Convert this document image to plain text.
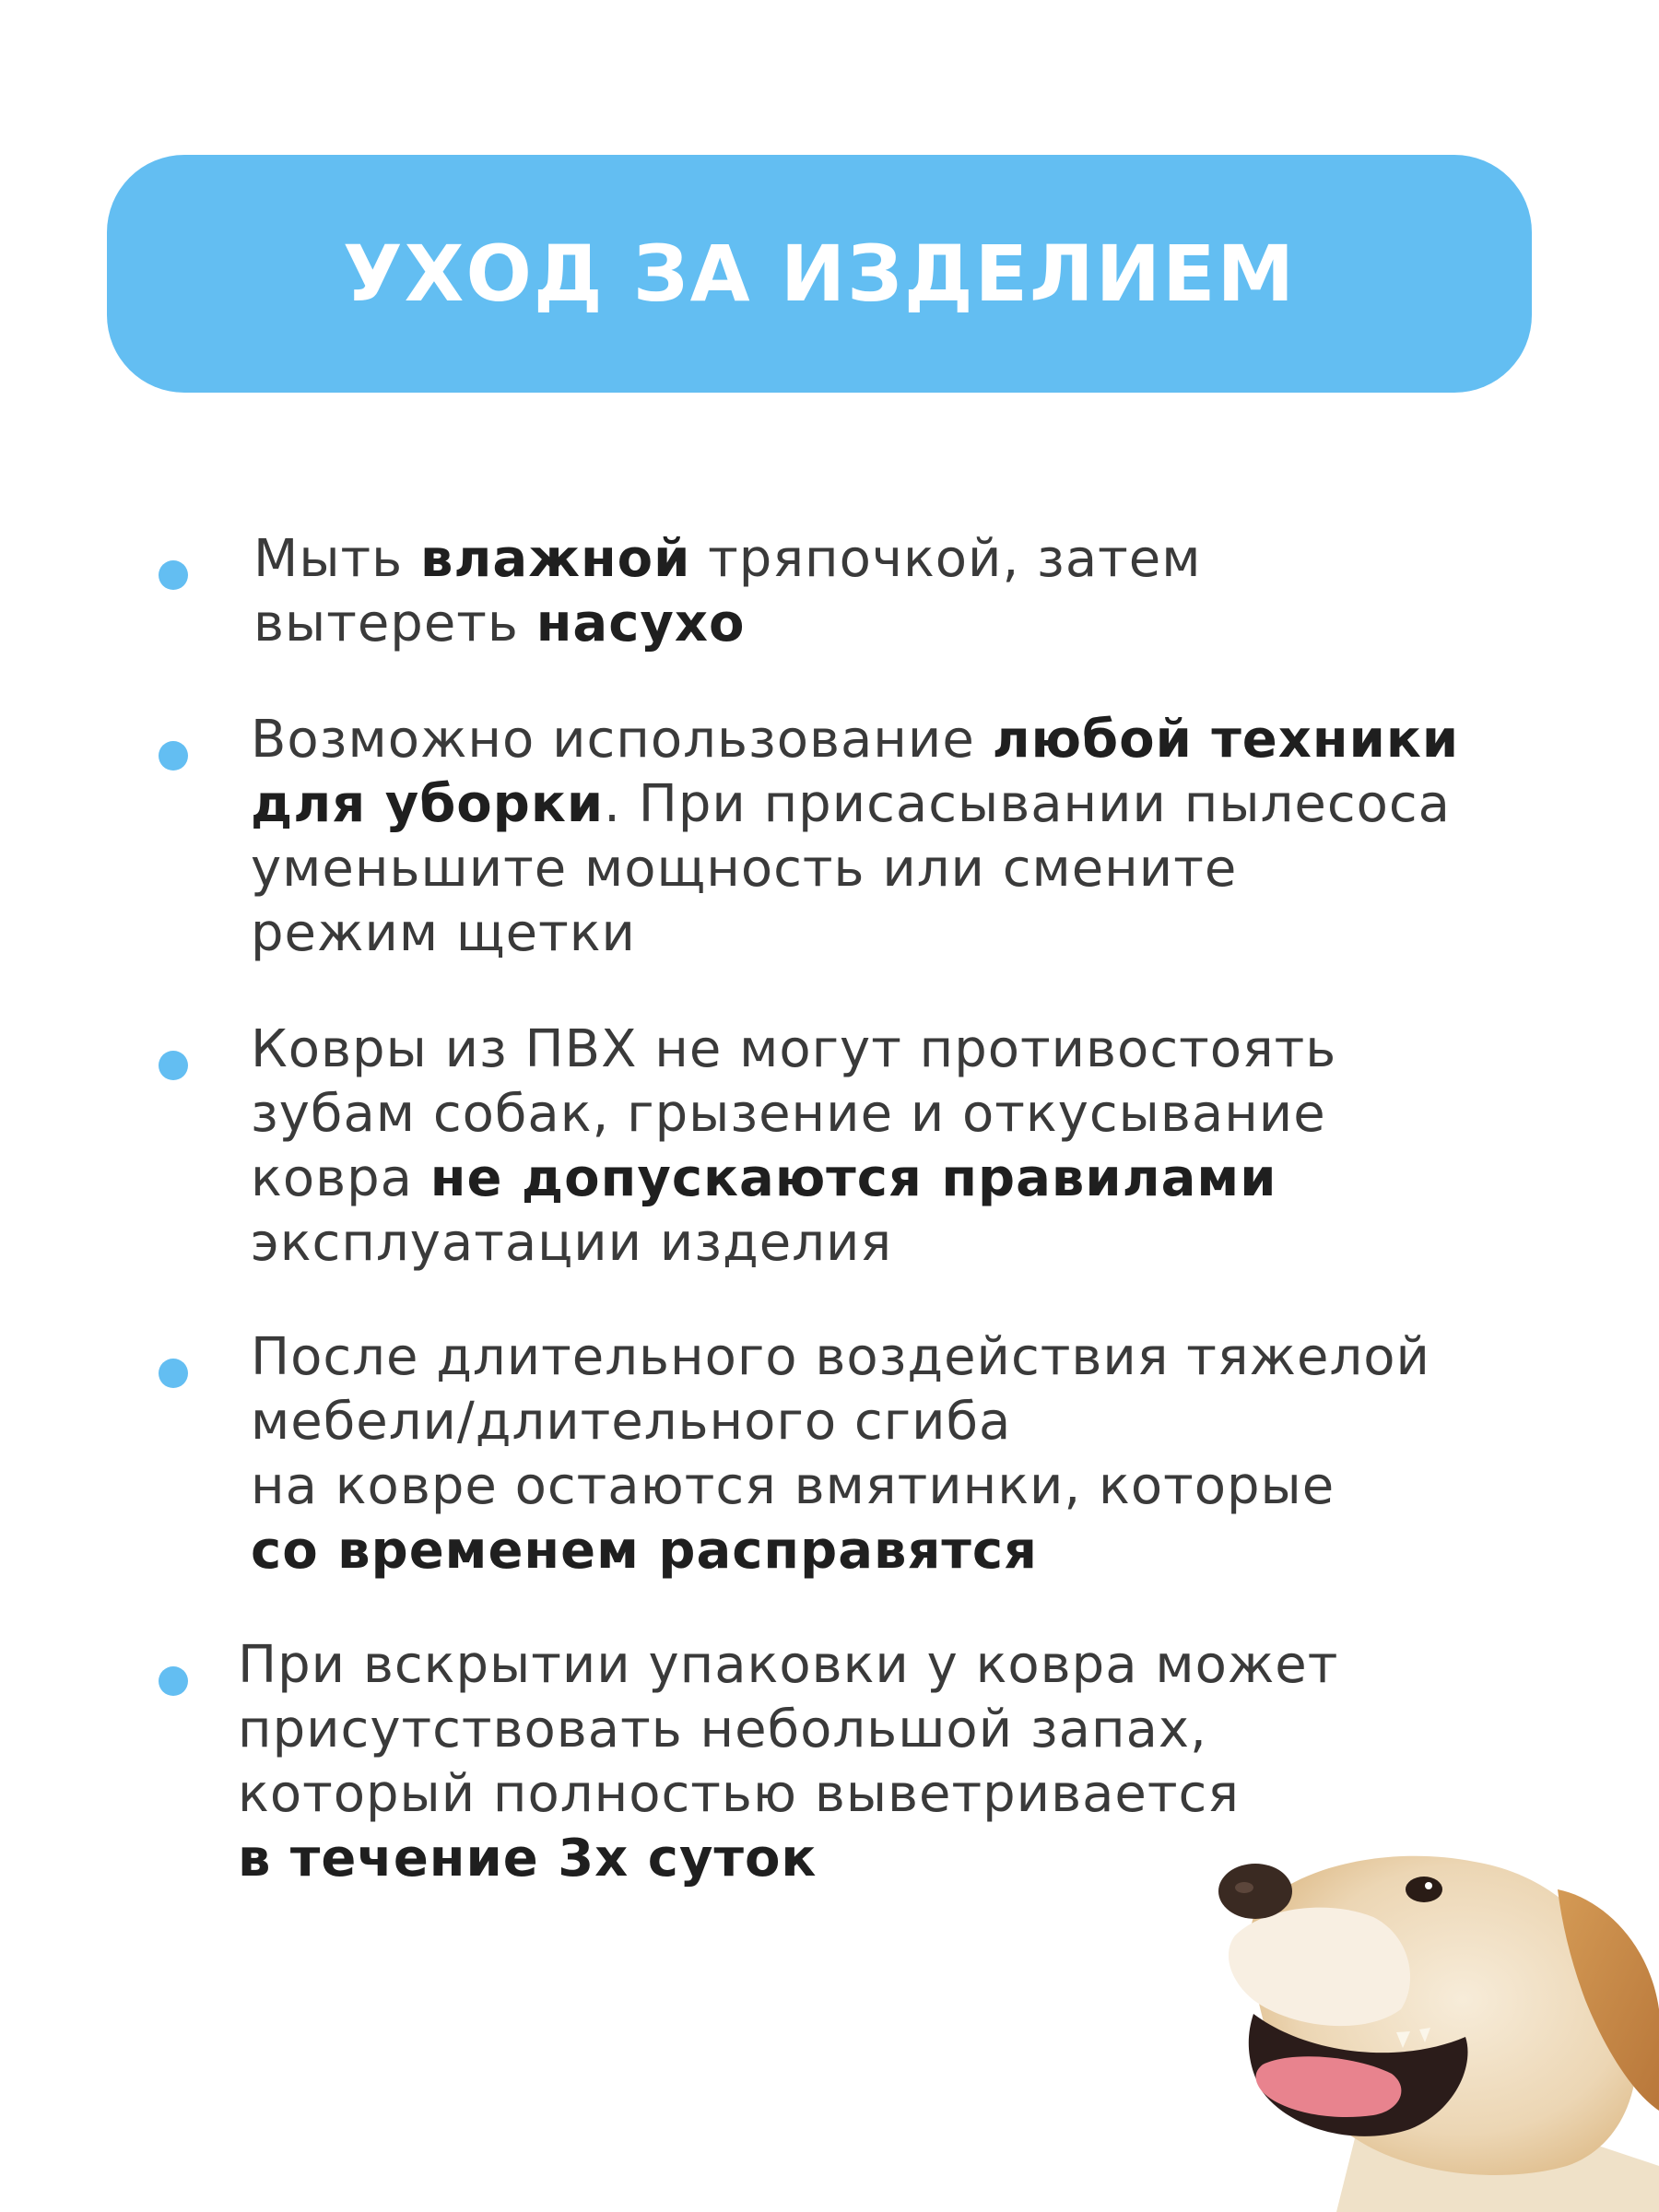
УХОД ЗА ИЗДЕЛИЕМ
Мыть влажной тряпочкой, затем
вытереть насухо
Возможно использование любой техники
для уборки. При присасывании пылесоса
уменьшите мощность или смените
режим щетки
Ковры из ПВХ не могут противостоять
зубам собак, грызение и откусывание
ковра не допускаются правилами
эксплуатации изделия
После длительного воздействия тяжелой
мебели/длительного сгиба
на ковре остаются вмятинки, которые
со временем расправятся
При вскрытии упаковки у ковра может
присутствовать небольшой запах,
который полностью выветривается
в течение 3х суток
